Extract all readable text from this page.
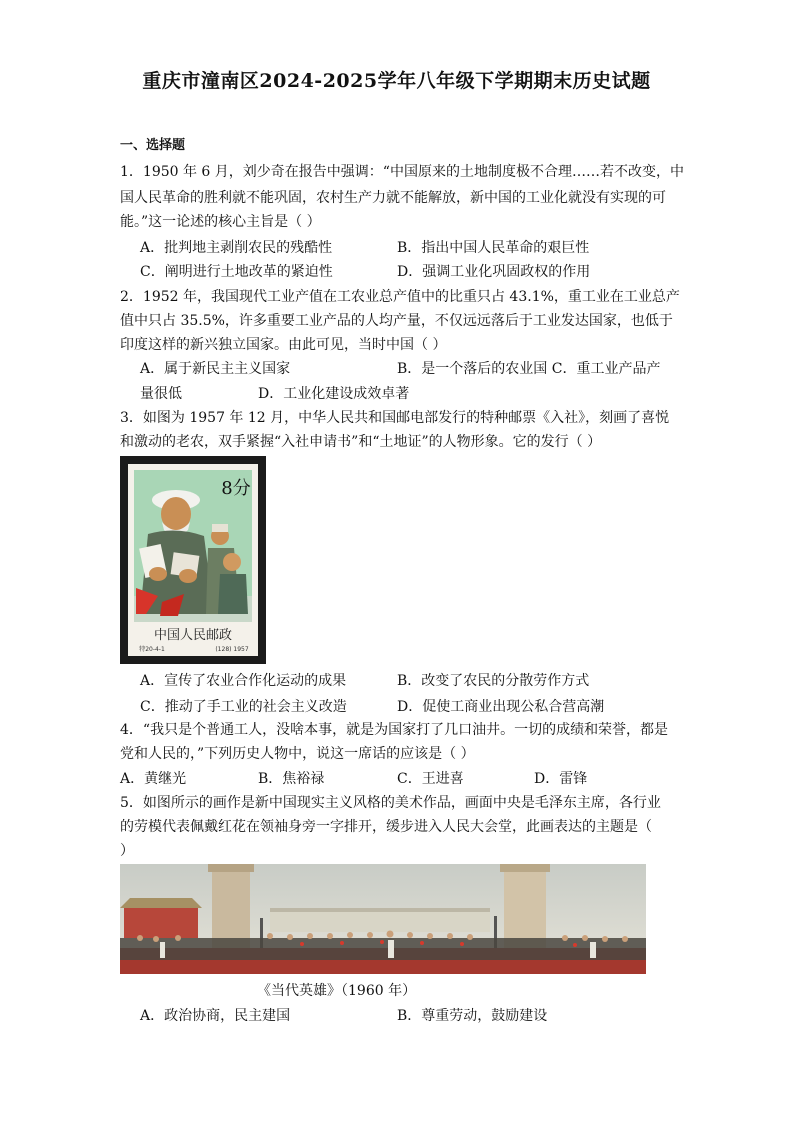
重庆市潼南区2024-2025学年八年级下学期期末历史试题
一、选择题
1．1950 年 6 月，刘少奇在报告中强调：“中国原来的土地制度极不合理……若不改变，中
国人民革命的胜利就不能巩固，农村生产力就不能解放，新中国的工业化就没有实现的可
能。”这一论述的核心主旨是（ ）
A．批判地主剥削农民的残酷性	B．指出中国人民革命的艰巨性
C．阐明进行土地改革的紧迫性	D．强调工业化巩固政权的作用
2．1952 年，我国现代工业产值在工农业总产值中的比重只占 43.1%，重工业在工业总产
值中只占 35.5%，许多重要工业产品的人均产量，不仅远远落后于工业发达国家，也低于
印度这样的新兴独立国家。由此可见，当时中国（ ）
A．属于新民主主义国家	B．是一个落后的农业国 C．重工业产品产
量很低	D．工业化建设成效卓著
3．如图为 1957 年 12 月，中华人民共和国邮电部发行的特种邮票《入社》，刻画了喜悦
和激动的老农，双手紧握“入社申请书”和“土地证”的人物形象。它的发行（ ）
8分
中国人民邮政
特20-4-1	(128) 1957
A．宣传了农业合作化运动的成果	B．改变了农民的分散劳作方式
C．推动了手工业的社会主义改造	D．促使工商业出现公私合营高潮
4．“我只是个普通工人，没啥本事，就是为国家打了几口油井。一切的成绩和荣誉，都是
党和人民的，”下列历史人物中，说这一席话的应该是（ ）
A．黄继光	B．焦裕禄	C．王进喜	D．雷锋
5．如图所示的画作是新中国现实主义风格的美术作品，画面中央是毛泽东主席，各行业
的劳模代表佩戴红花在领袖身旁一字排开，缓步进入人民大会堂，此画表达的主题是（
）
《当代英雄》（1960 年）
A．政治协商，民主建国	B．尊重劳动，鼓励建设
